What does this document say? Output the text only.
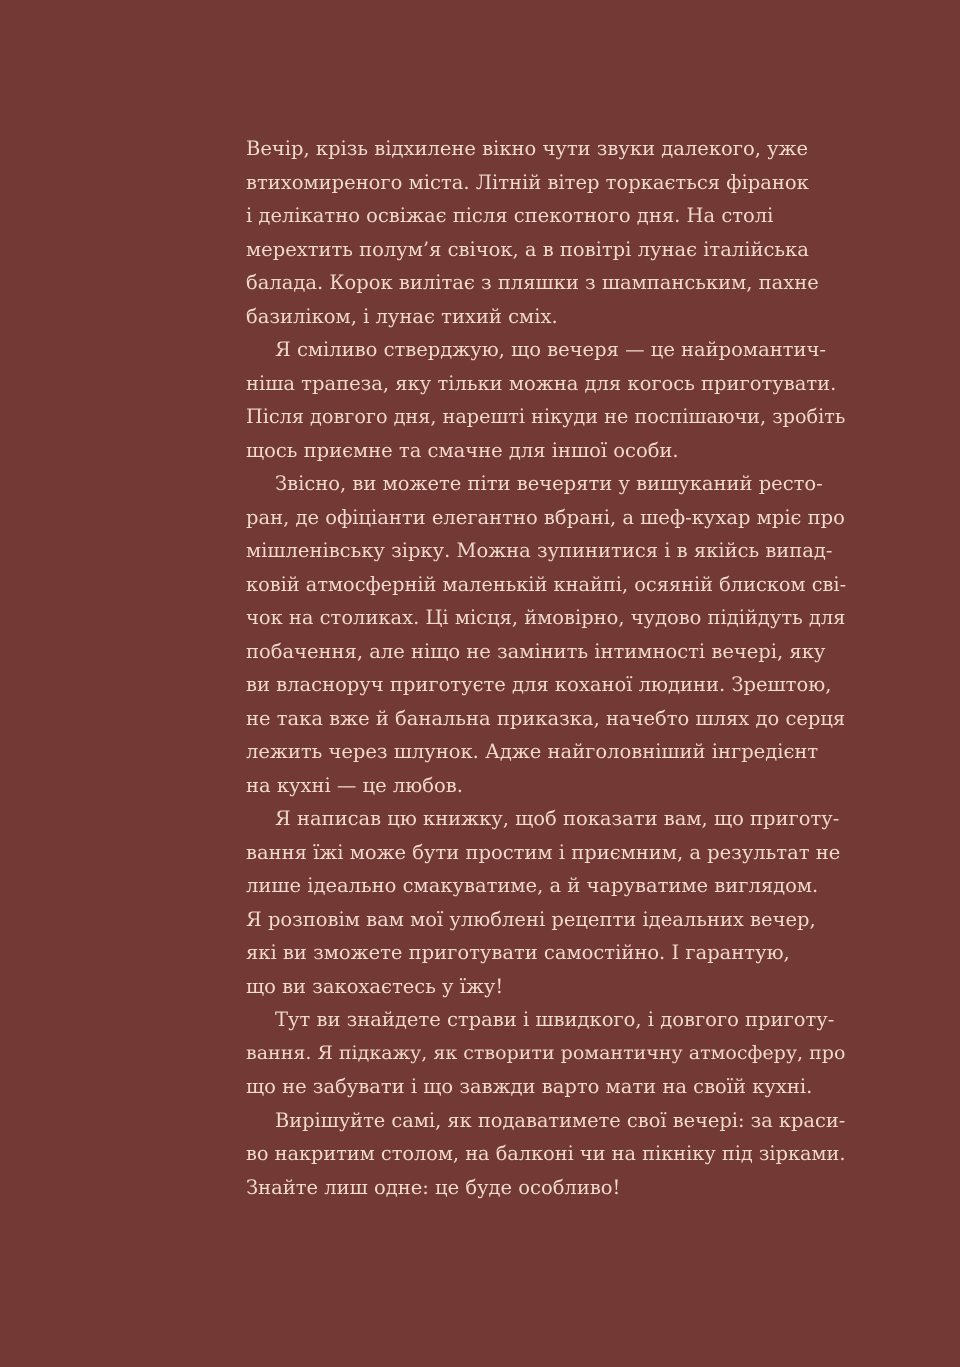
Вечір, крізь відхилене вікно чути звуки далекого, уже
втихомиреного міста. Літній вітер торкається фіранок
і делікатно освіжає після спекотного дня. На столі
мерехтить полум’я свічок, а в повітрі лунає італійська
балада. Корок вилітає з пляшки з шампанським, пахне
базиліком, і лунає тихий сміх.
Я сміливо стверджую, що вечеря — це найромантич-
ніша трапеза, яку тільки можна для когось приготувати.
Після довгого дня, нарешті нікуди не поспішаючи, зробіть
щось приємне та смачне для іншої особи.
Звісно, ви можете піти вечеряти у вишуканий ресто-
ран, де офіціанти елегантно вбрані, а шеф-кухар мріє про
мішленівську зірку. Можна зупинитися і в якійсь випад-
ковій атмосферній маленькій кнайпі, осяяній блиском сві-
чок на столиках. Ці місця, ймовірно, чудово підійдуть для
побачення, але ніщо не замінить інтимності вечері, яку
ви власноруч приготуєте для коханої людини. Зрештою,
не така вже й банальна приказка, начебто шлях до серця
лежить через шлунок. Адже найголовніший інгредієнт
на кухні — це любов.
Я написав цю книжку, щоб показати вам, що приготу-
вання їжі може бути простим і приємним, а результат не
лише ідеально смакуватиме, а й чаруватиме виглядом.
Я розповім вам мої улюблені рецепти ідеальних вечер,
які ви зможете приготувати самостійно. І гарантую,
що ви закохаєтесь у їжу!
Тут ви знайдете страви і швидкого, і довгого приготу-
вання. Я підкажу, як створити романтичну атмосферу, про
що не забувати і що завжди варто мати на своїй кухні.
Вирішуйте самі, як подаватимете свої вечері: за краси-
во накритим столом, на балконі чи на пікніку під зірками.
Знайте лиш одне: це буде особливо!
